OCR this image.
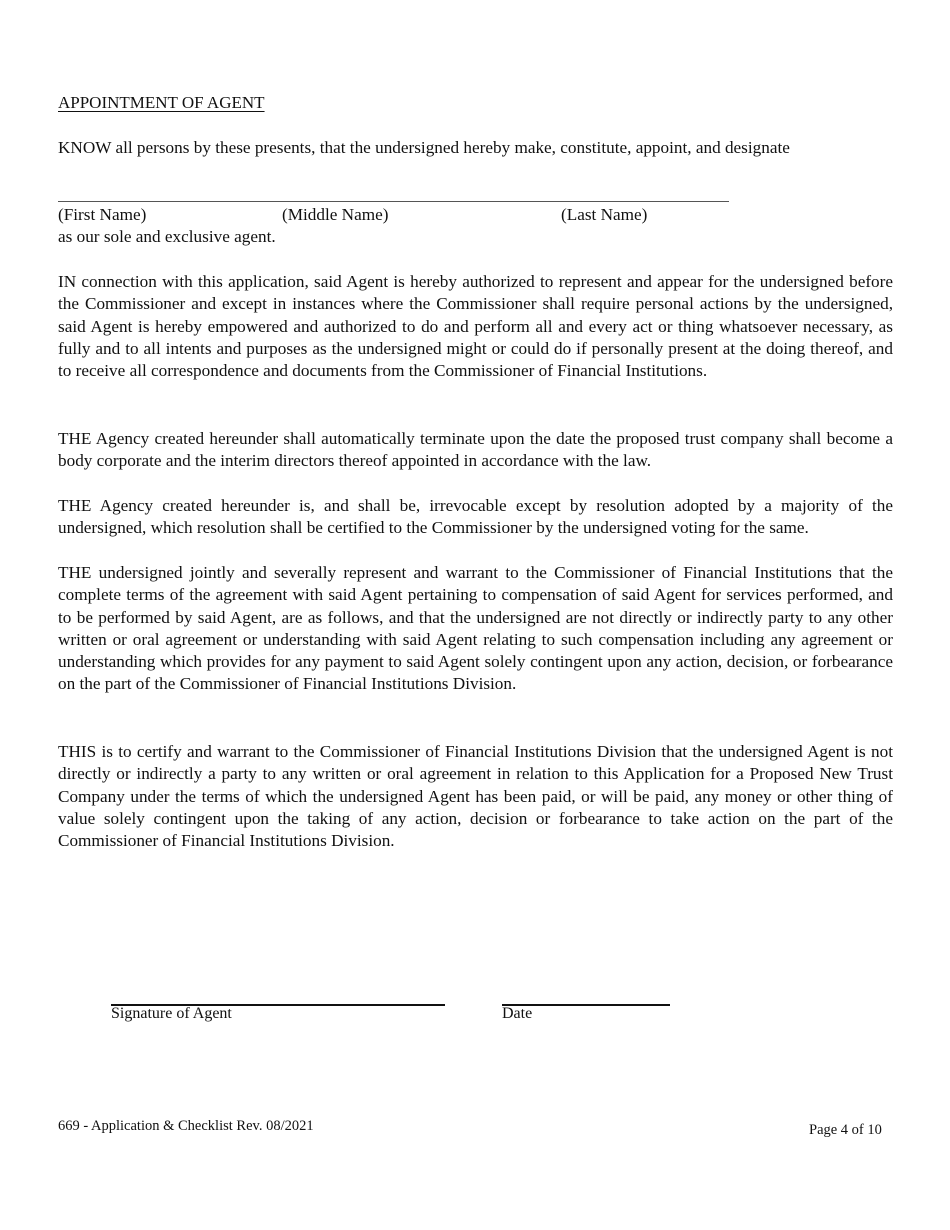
APPOINTMENT OF AGENT
KNOW all persons by these presents, that the undersigned hereby make, constitute, appoint, and designate
(First Name)	(Middle Name)	(Last Name)
as our sole and exclusive agent.
IN connection with this application, said Agent is hereby authorized to represent and appear for the undersigned before the Commissioner and except in instances where the Commissioner shall require personal actions by the undersigned, said Agent is hereby empowered and authorized to do and perform all and every act or thing whatsoever necessary, as fully and to all intents and purposes as the undersigned might or could do if personally present at the doing thereof, and to receive all correspondence and documents from the Commissioner of Financial Institutions.
THE Agency created hereunder shall automatically terminate upon the date the proposed trust company shall become a body corporate and the interim directors thereof appointed in accordance with the law.
THE Agency created hereunder is, and shall be, irrevocable except by resolution adopted by a majority of the undersigned, which resolution shall be certified to the Commissioner by the undersigned voting for the same.
THE undersigned jointly and severally represent and warrant to the Commissioner of Financial Institutions that the complete terms of the agreement with said Agent pertaining to compensation of said Agent for services performed, and to be performed by said Agent, are as follows, and that the undersigned are not directly or indirectly party to any other written or oral agreement or understanding with said Agent relating to such compensation including any agreement or understanding which provides for any payment to said Agent solely contingent upon any action, decision, or forbearance on the part of the Commissioner of Financial Institutions Division.
THIS is to certify and warrant to the Commissioner of Financial Institutions Division that the undersigned Agent is not directly or indirectly a party to any written or oral agreement in relation to this Application for a Proposed New Trust Company under the terms of which the undersigned Agent has been paid, or will be paid, any money or other thing of value solely contingent upon the taking of any action, decision or forbearance to take action on the part of the Commissioner of Financial Institutions Division.
Signature of Agent	Date
669 - Application & Checklist Rev. 08/2021	Page 4 of 10
